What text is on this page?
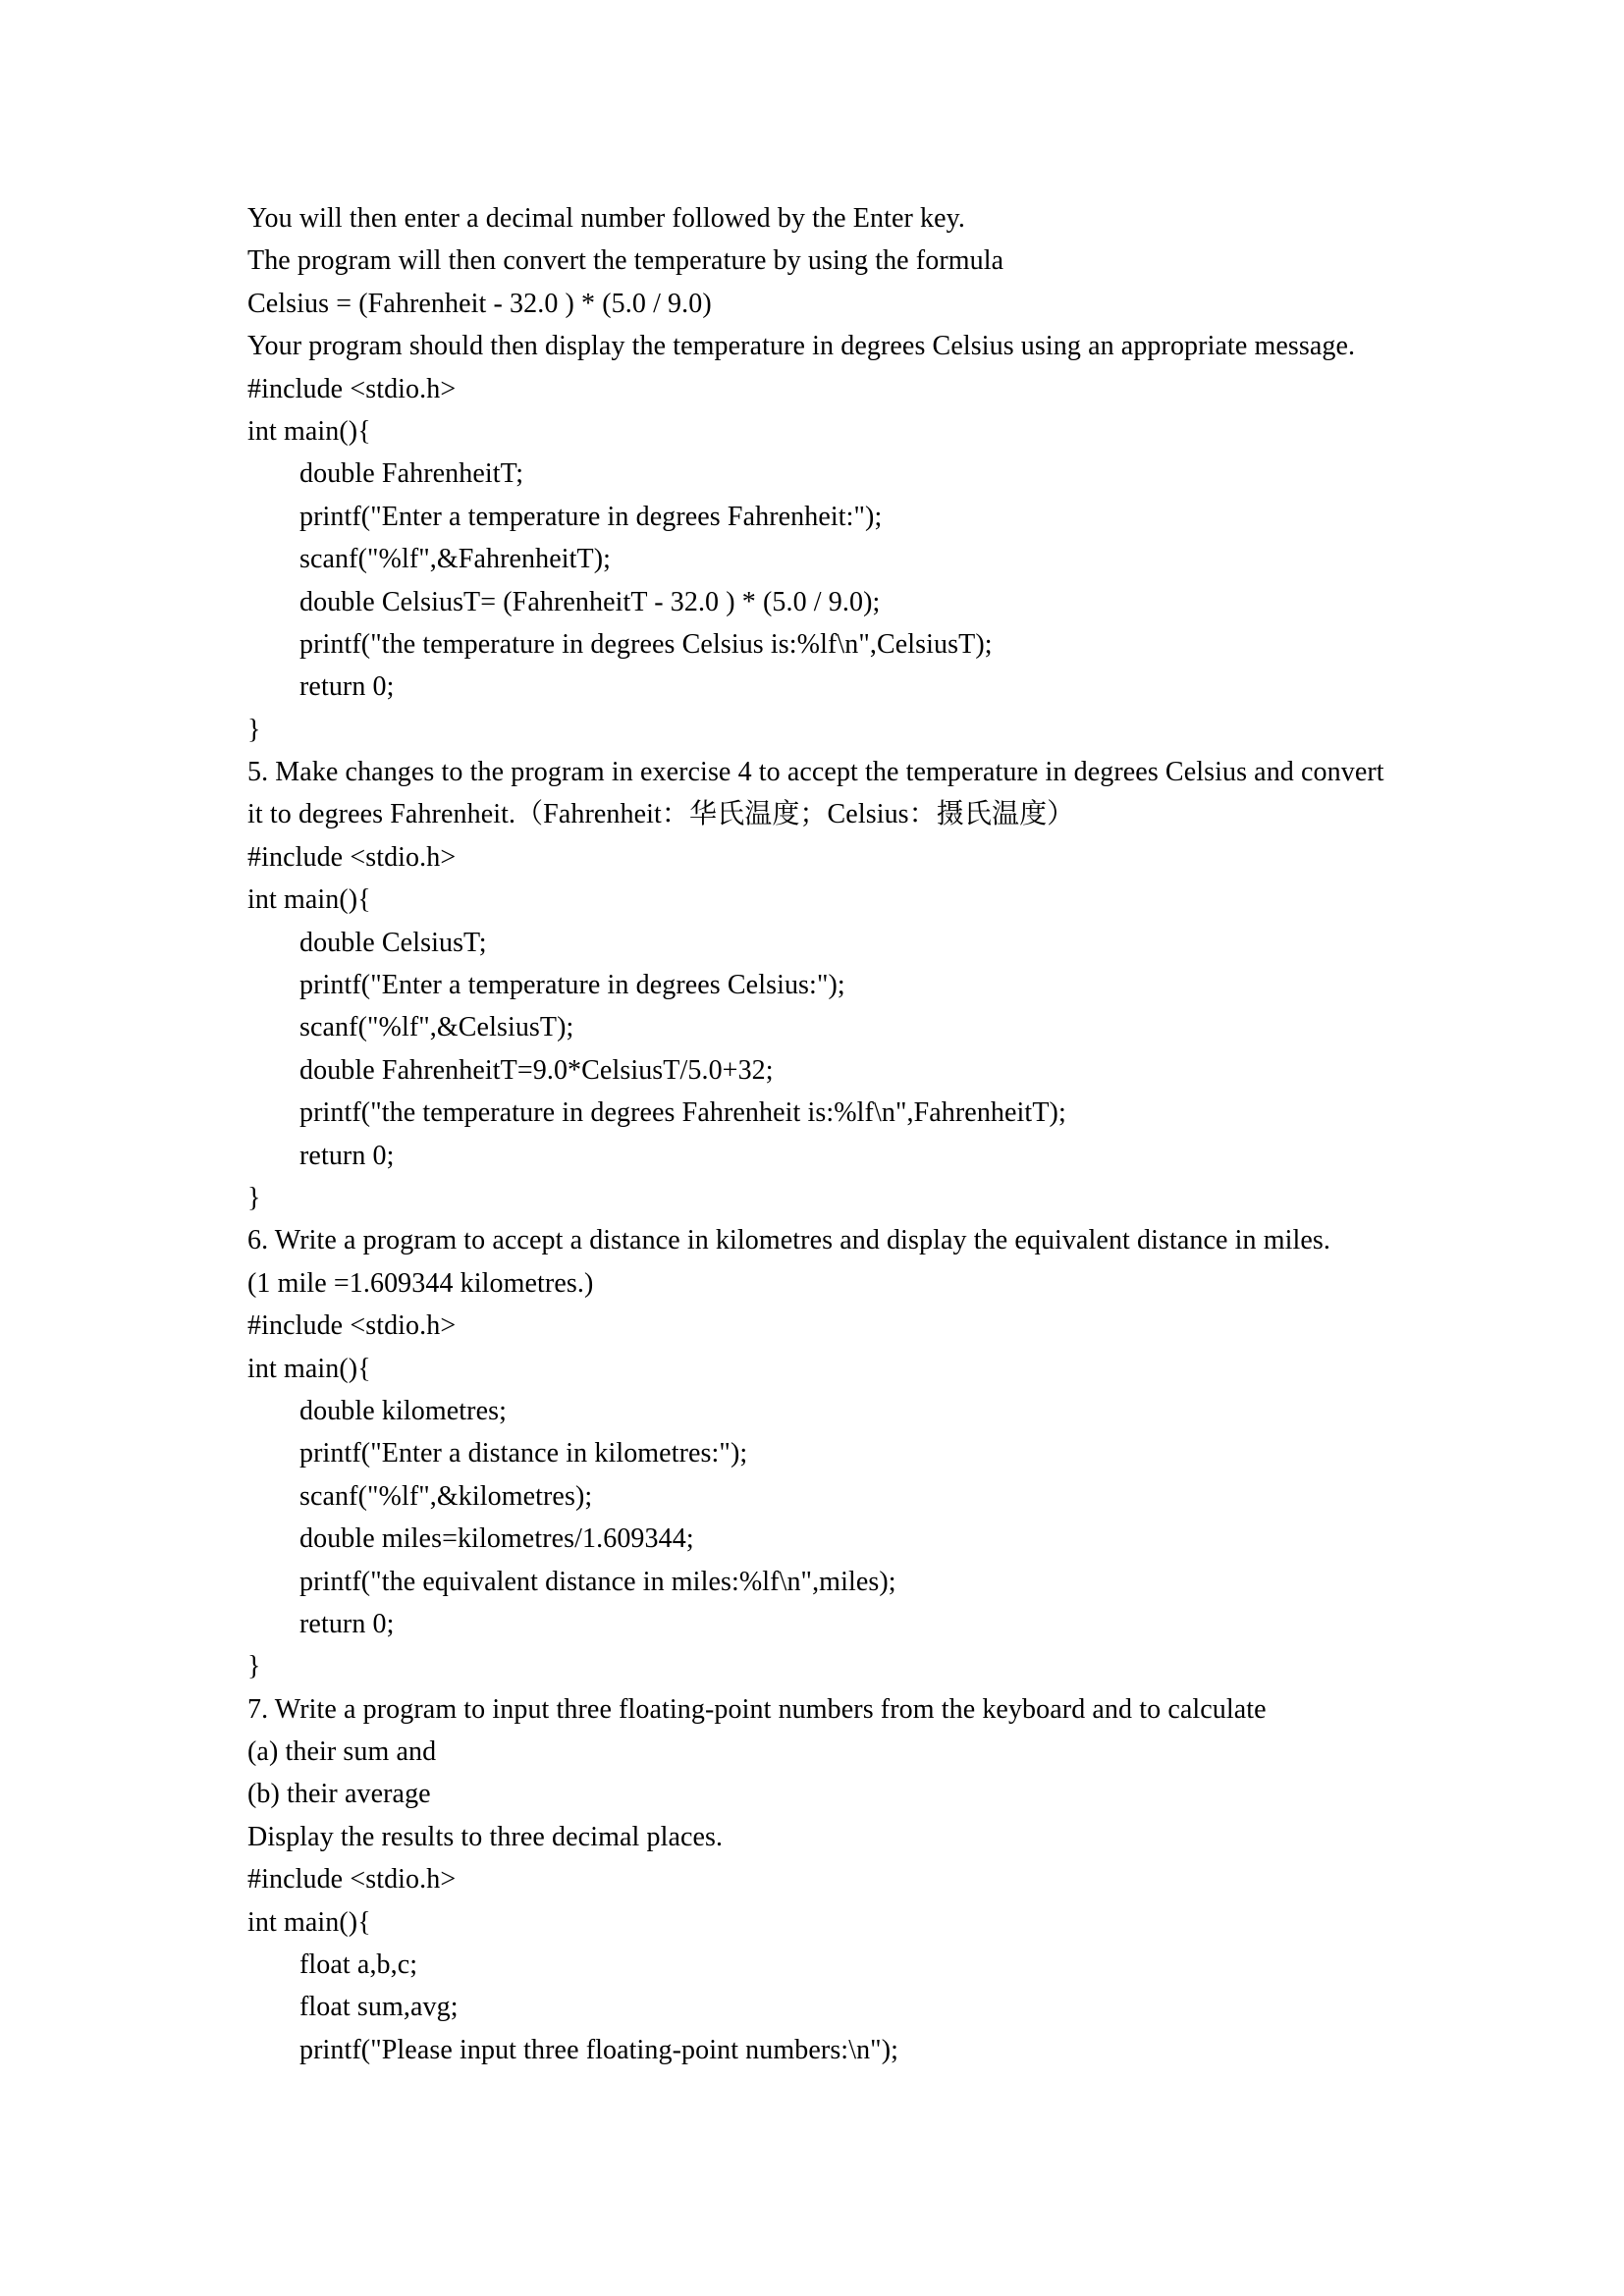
You will then enter a decimal number followed by the Enter key.
The program will then convert the temperature by using the formula
Celsius = (Fahrenheit - 32.0 ) * (5.0 / 9.0)
Your program should then display the temperature in degrees Celsius using an appropriate message.
#include <stdio.h>
int main(){
double FahrenheitT;
printf("Enter a temperature in degrees Fahrenheit:");
scanf("%lf",&FahrenheitT);
double CelsiusT= (FahrenheitT - 32.0 ) * (5.0 / 9.0);
printf("the temperature in degrees Celsius is:%lf\n",CelsiusT);
return 0;
}
5. Make changes to the program in exercise 4 to accept the temperature in degrees Celsius and convert
it to degrees Fahrenheit.（Fahrenheit：华氏温度；Celsius：摄氏温度）
#include <stdio.h>
int main(){
double CelsiusT;
printf("Enter a temperature in degrees Celsius:");
scanf("%lf",&CelsiusT);
double FahrenheitT=9.0*CelsiusT/5.0+32;
printf("the temperature in degrees Fahrenheit is:%lf\n",FahrenheitT);
return 0;
}
6. Write a program to accept a distance in kilometres and display the equivalent distance in miles.
(1 mile =1.609344 kilometres.)
#include <stdio.h>
int main(){
double kilometres;
printf("Enter a distance in kilometres:");
scanf("%lf",&kilometres);
double miles=kilometres/1.609344;
printf("the equivalent distance in miles:%lf\n",miles);
return 0;
}
7. Write a program to input three floating-point numbers from the keyboard and to calculate
(a) their sum and
(b) their average
Display the results to three decimal places.
#include <stdio.h>
int main(){
float a,b,c;
float sum,avg;
printf("Please input three floating-point numbers:\n");
